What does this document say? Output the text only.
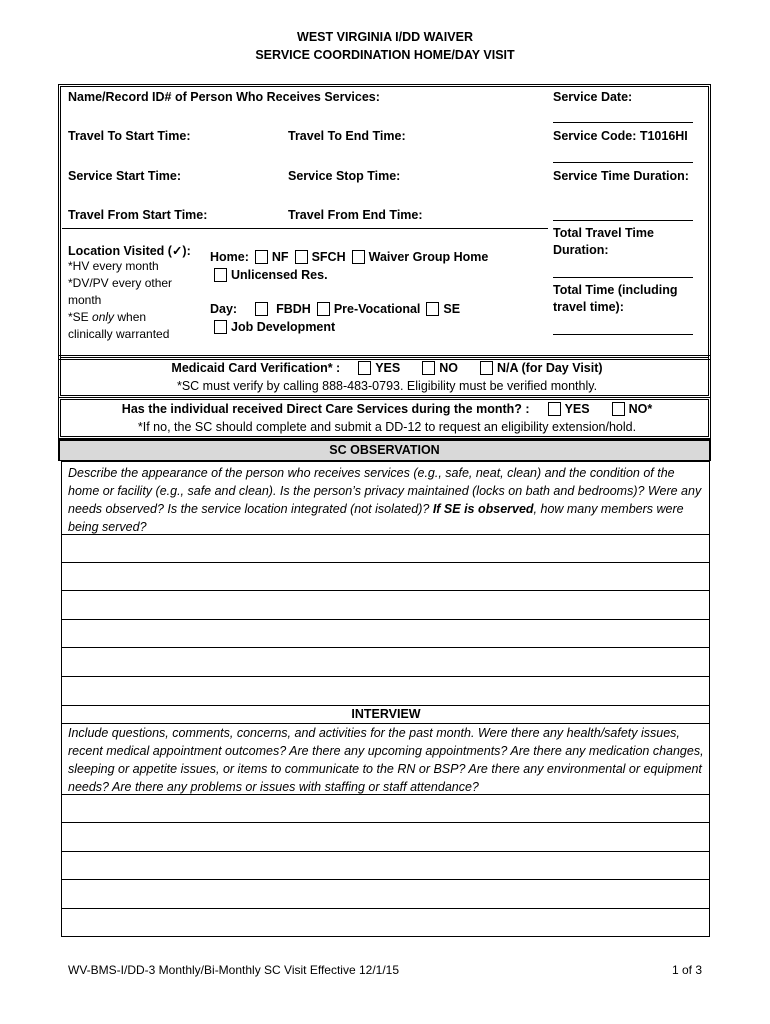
WEST VIRGINIA I/DD WAIVER
SERVICE COORDINATION HOME/DAY VISIT
Name/Record ID# of Person Who Receives Services:	Service Date:
Travel To Start Time:	Travel To End Time:	Service Code: T1016HI
Service Start Time:	Service Stop Time:	Service Time Duration:
Travel From Start Time:	Travel From End Time:
Total Travel Time
Duration:
Total Time (including
travel time):
Location Visited (✓):
*HV every month
*DV/PV every other
month
*SE only when
clinically warranted
Home: NF SFCH Waiver Group Home
Unlicensed Res.
Day:	FBDH Pre-Vocational SE
Job Development
Medicaid Card Verification* :	YES	NO	N/A (for Day Visit)
*SC must verify by calling 888-483-0793. Eligibility must be verified monthly.
Has the individual received Direct Care Services during the month? :	YES	NO*
*If no, the SC should complete and submit a DD-12 to request an eligibility extension/hold.
SC OBSERVATION
Describe the appearance of the person who receives services (e.g., safe, neat, clean) and the condition of the home or facility (e.g., safe and clean). Is the person’s privacy maintained (locks on bath and bedrooms)? Were any needs observed? Is the service location integrated (not isolated)? If SE is observed, how many members were being served?
INTERVIEW
Include questions, comments, concerns, and activities for the past month. Were there any health/safety issues, recent medical appointment outcomes? Are there any upcoming appointments? Are there any medication changes, sleeping or appetite issues, or items to communicate to the RN or BSP? Are there any environmental or equipment needs? Are there any problems or issues with staffing or staff attendance?
WV-BMS-I/DD-3 Monthly/Bi-Monthly SC Visit Effective 12/1/15	1 of 3
